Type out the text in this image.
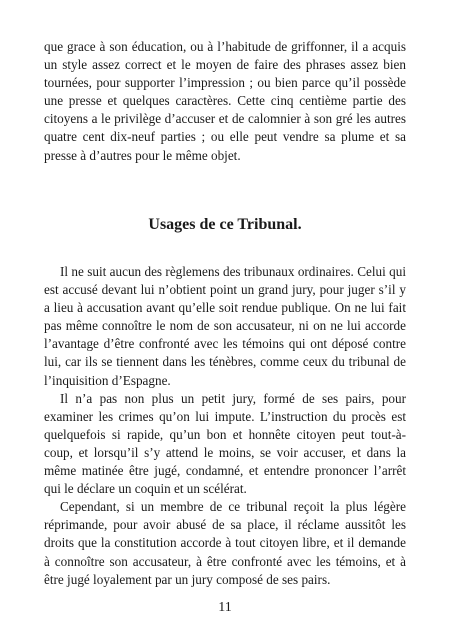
que grace à son éducation, ou à l’habitude de griffonner, il a acquis un style assez correct et le moyen de faire des phrases assez bien tournées, pour supporter l’impression ; ou bien parce qu’il possède une presse et quelques caractères. Cette cinq centième partie des citoyens a le privilège d’accuser et de calomnier à son gré les autres quatre cent dix-neuf parties ; ou elle peut vendre sa plume et sa presse à d’autres pour le même objet.

Usages de ce Tribunal.

Il ne suit aucun des règlemens des tribunaux ordinaires. Celui qui est accusé devant lui n’obtient point un grand jury, pour juger s’il y a lieu à accusation avant qu’elle soit rendue publique. On ne lui fait pas même connoître le nom de son accusateur, ni on ne lui accorde l’avantage d’être confronté avec les témoins qui ont déposé contre lui, car ils se tiennent dans les ténèbres, comme ceux du tribunal de l’inquisition d’Espagne.

Il n’a pas non plus un petit jury, formé de ses pairs, pour examiner les crimes qu’on lui impute. L’instruction du procès est quelquefois si rapide, qu’un bon et honnête citoyen peut tout-à-coup, et lorsqu’il s’y attend le moins, se voir accuser, et dans la même matinée être jugé, condamné, et entendre prononcer l’arrêt qui le déclare un coquin et un scélérat.

Cependant, si un membre de ce tribunal reçoit la plus légère réprimande, pour avoir abusé de sa place, il réclame aussitôt les droits que la constitution accorde à tout citoyen libre, et il demande à connoître son accusateur, à être confronté avec les témoins, et à être jugé loyalement par un jury composé de ses pairs.

11
